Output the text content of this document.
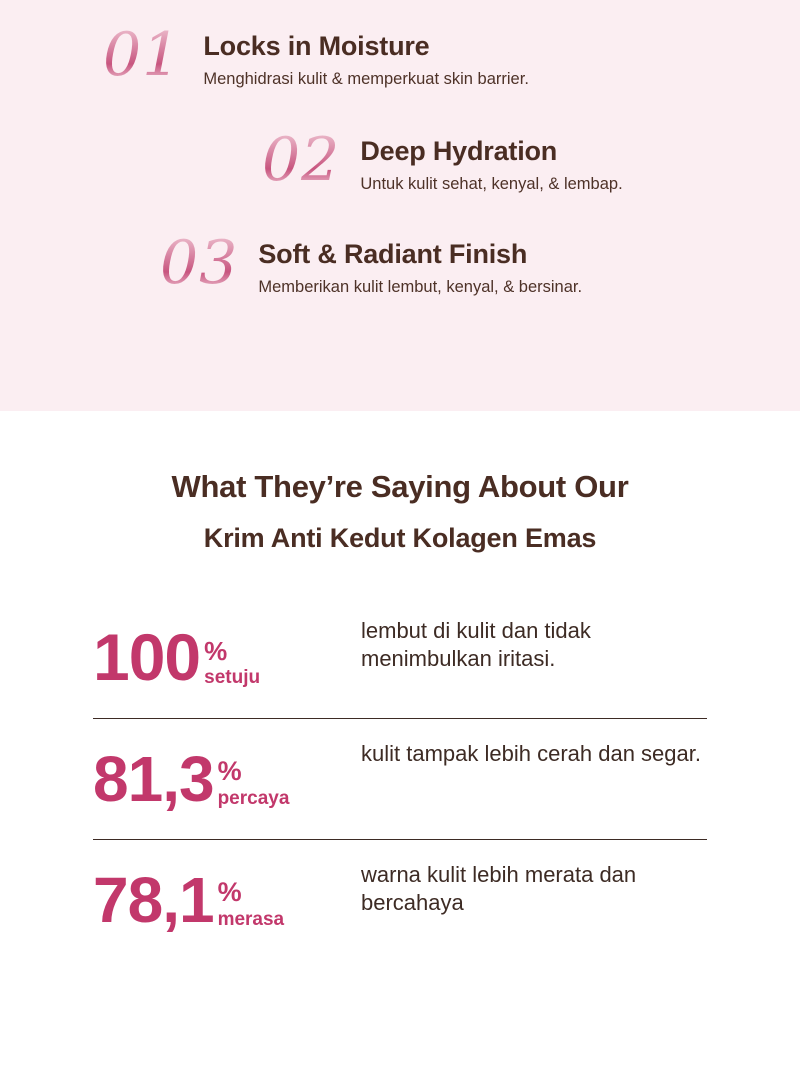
01 Locks in Moisture
Menghidrasi kulit & memperkuat skin barrier.
02 Deep Hydration
Untuk kulit sehat, kenyal, & lembap.
03 Soft & Radiant Finish
Memberikan kulit lembut, kenyal, & bersinar.
What They’re Saying About Our
Krim Anti Kedut Kolagen Emas
100 %
setuju
lembut di kulit dan tidak menimbulkan iritasi.
81,3 %
percaya
kulit tampak lebih cerah dan segar.
78,1 %
merasa
warna kulit lebih merata dan bercahaya
